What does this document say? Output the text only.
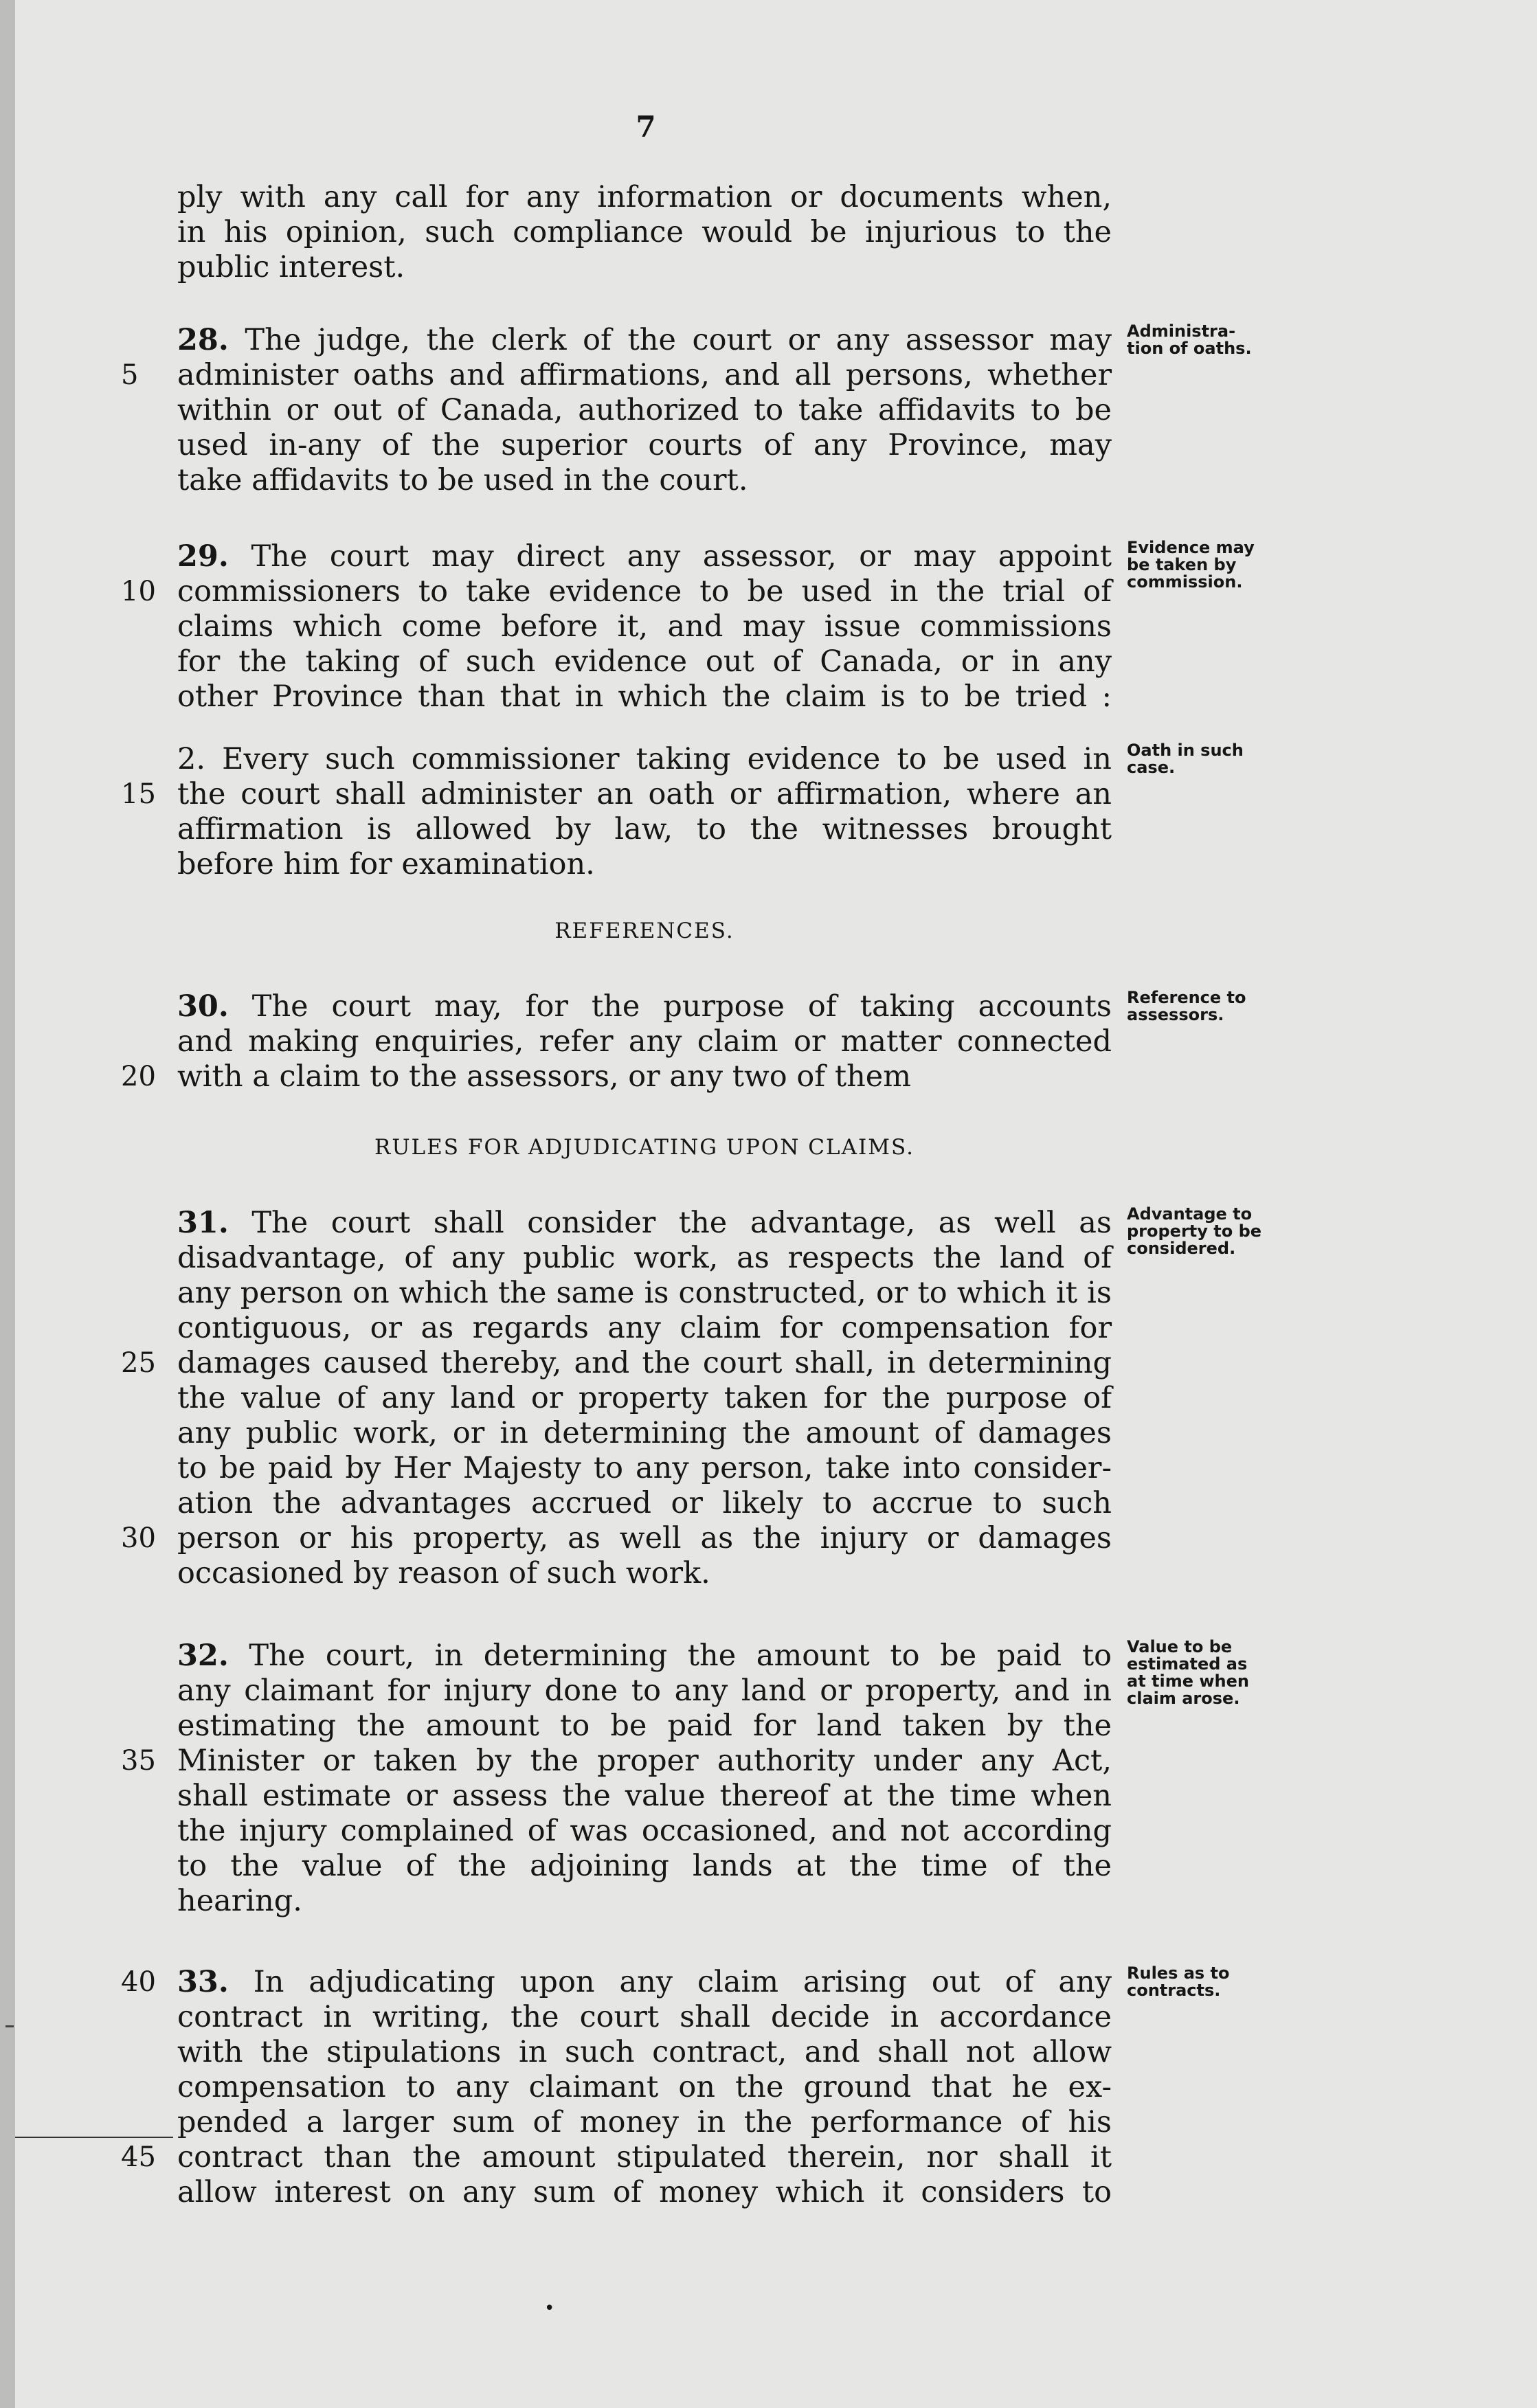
7
ply with any call for any information or documents when,
in his opinion, such compliance would be injurious to the
public interest.
28. The judge, the clerk of the court or any assessor may
5	administer oaths and affirmations, and all persons, whether
within or out of Canada, authorized to take affidavits to be
used in-any of the superior courts of any Province, may
take affidavits to be used in the court.
29. The court may direct any assessor, or may appoint
10 commissioners to take evidence to be used in the trial of
claims which come before it, and may issue commissions
for the taking of such evidence out of Canada, or in any
other Province than that in which the claim is to be tried :
2. Every such commissioner taking evidence to be used in
15 the court shall administer an oath or affirmation, where an
affirmation is allowed by law, to the witnesses brought
before him for examination.
30. The court may, for the purpose of taking accounts
and making enquiries, refer any claim or matter connected
20 with a claim to the assessors, or any two of them
31. The court shall consider the advantage, as well as
disadvantage, of any public work, as respects the land of
any person on which the same is constructed, or to which it is
contiguous, or as regards any claim for compensation for
25 damages caused thereby, and the court shall, in determining
the value of any land or property taken for the purpose of
any public work, or in determining the amount of damages
to be paid by Her Majesty to any person, take into consider-
ation the advantages accrued or likely to accrue to such
30 person or his property, as well as the injury or damages
occasioned by reason of such work.
32. The court, in determining the amount to be paid to
any claimant for injury done to any land or property, and in
estimating the amount to be paid for land taken by the
35 Minister or taken by the proper authority under any Act,
shall estimate or assess the value thereof at the time when
the injury complained of was occasioned, and not according
to the value of the adjoining lands at the time of the
hearing.
40 33. In adjudicating upon any claim arising out of any
contract in writing, the court shall decide in accordance
with the stipulations in such contract, and shall not allow
compensation to any claimant on the ground that he ex-
pended a larger sum of money in the performance of his
45 contract than the amount stipulated therein, nor shall it
allow interest on any sum of money which it considers to
REFERENCES.
RULES FOR ADJUDICATING UPON CLAIMS.
Administra-
tion of oaths.
Evidence may
be taken by
commission.
Oath in such
case.
Reference to
assessors.
Advantage to
property to be
considered.
Value to be
estimated as
at time when
claim arose.
Rules as to
contracts.
•
